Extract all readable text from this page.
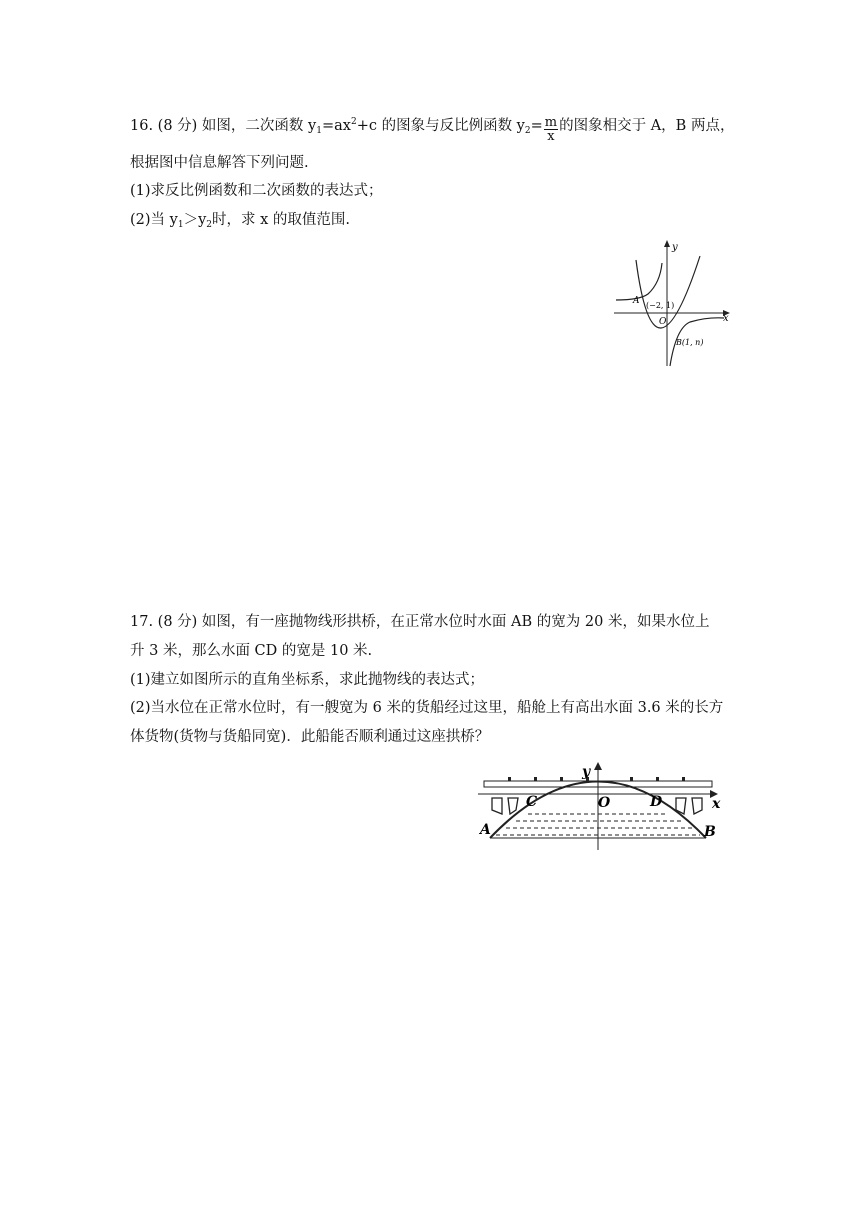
16. (8 分) 如图，二次函数 $y_1=ax^2+c$ 的图象与反比例函数 $y_2= \frac{m}{x}$ 的图象相交于 A，B 两点，
根据图中信息解答下列问题.
(1)求反比例函数和二次函数的表达式；
(2)当 $y_1>y_2$时，求 x 的取值范围.
y
x
O
A (−2, 1)
B(1, n)
17. (8 分) 如图，有一座抛物线形拱桥，在正常水位时水面 AB 的宽为 20 米，如果水位上
升 3 米，那么水面 CD 的宽是 10 米.
(1)建立如图所示的直角坐标系，求此抛物线的表达式；
(2)当水位在正常水位时，有一艘宽为 6 米的货船经过这里，船舱上有高出水面 3.6 米的长方
体货物(货物与货船同宽)．此船能否顺利通过这座拱桥？
y
x
O
C	D
A	B
